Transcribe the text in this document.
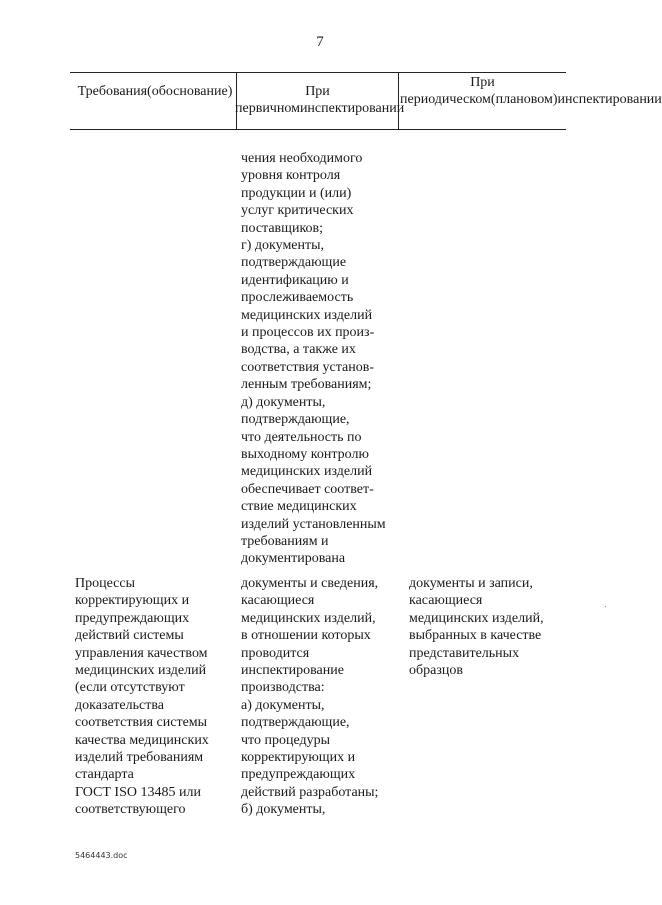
7
Требования(обоснование)	При первичноминспектировании
При периодическом(плановом)инспектировании
чения необходимого
уровня контроля
продукции и (или)
услуг критических
поставщиков;
г) документы,
подтверждающие
идентификацию и
прослеживаемость
медицинских изделий
и процессов их произ-
водства, а также их
соответствия установ-
ленным требованиям;
д) документы,
подтверждающие,
что деятельность по
выходному контролю
медицинских изделий
обеспечивает соответ-
ствие медицинских
изделий установленным
требованиям и
документирована
Процессы
корректирующих и
предупреждающих
действий системы
управления качеством
медицинских изделий
(если отсутствуют
доказательства
соответствия системы
качества медицинских
изделий требованиям
стандарта
ГОСТ ISO 13485 или
соответствующего
документы и сведения,
касающиеся
медицинских изделий,
в отношении которых
проводится
инспектирование
производства:
а) документы,
подтверждающие,
что процедуры
корректирующих и
предупреждающих
действий разработаны;
б) документы,
документы и записи,
касающиеся
медицинских изделий,
выбранных в качестве
представительных
образцов
5464443.doc
